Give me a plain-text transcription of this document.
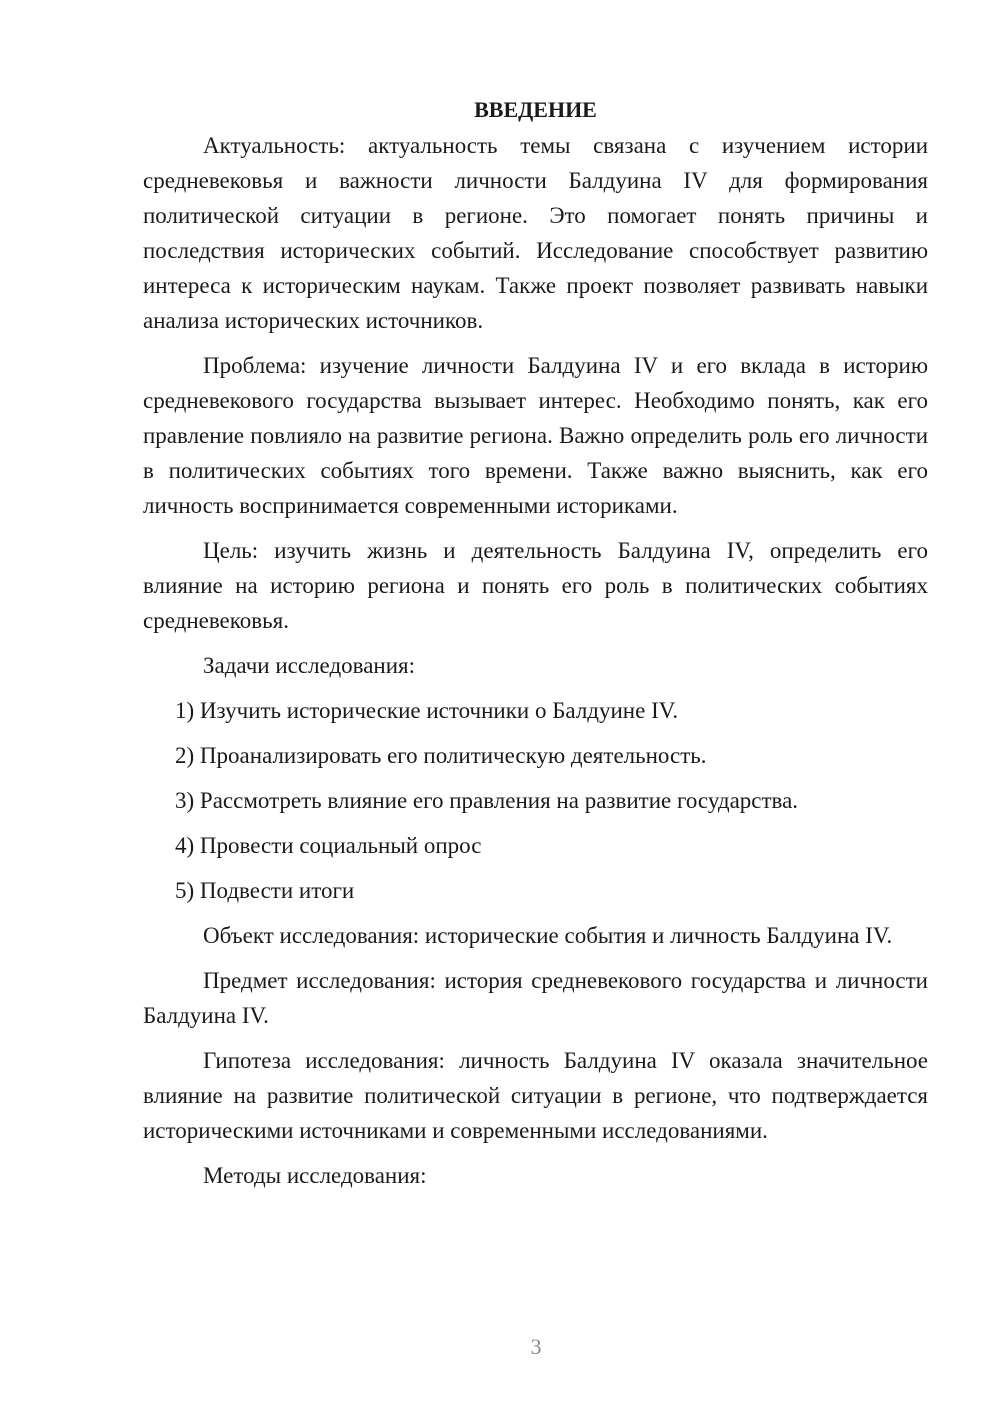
ВВЕДЕНИЕ

Актуальность: актуальность темы связана с изучением истории средневековья и важности личности Балдуина IV для формирования политической ситуации в регионе. Это помогает понять причины и последствия исторических событий. Исследование способствует развитию интереса к историческим наукам. Также проект позволяет развивать навыки анализа исторических источников.

Проблема: изучение личности Балдуина IV и его вклада в историю средневекового государства вызывает интерес. Необходимо понять, как его правление повлияло на развитие региона. Важно определить роль его личности в политических событиях того времени. Также важно выяснить, как его личность воспринимается современными историками.

Цель: изучить жизнь и деятельность Балдуина IV, определить его влияние на историю региона и понять его роль в политических событиях средневековья.

Задачи исследования:

1) Изучить исторические источники о Балдуине IV.
2) Проанализировать его политическую деятельность.
3) Рассмотреть влияние его правления на развитие государства.
4) Провести социальный опрос
5) Подвести итоги

Объект исследования: исторические события и личность Балдуина IV.

Предмет исследования: история средневекового государства и личности Балдуина IV.

Гипотеза исследования: личность Балдуина IV оказала значительное влияние на развитие политической ситуации в регионе, что подтверждается историческими источниками и современными исследованиями.

Методы исследования:

3
